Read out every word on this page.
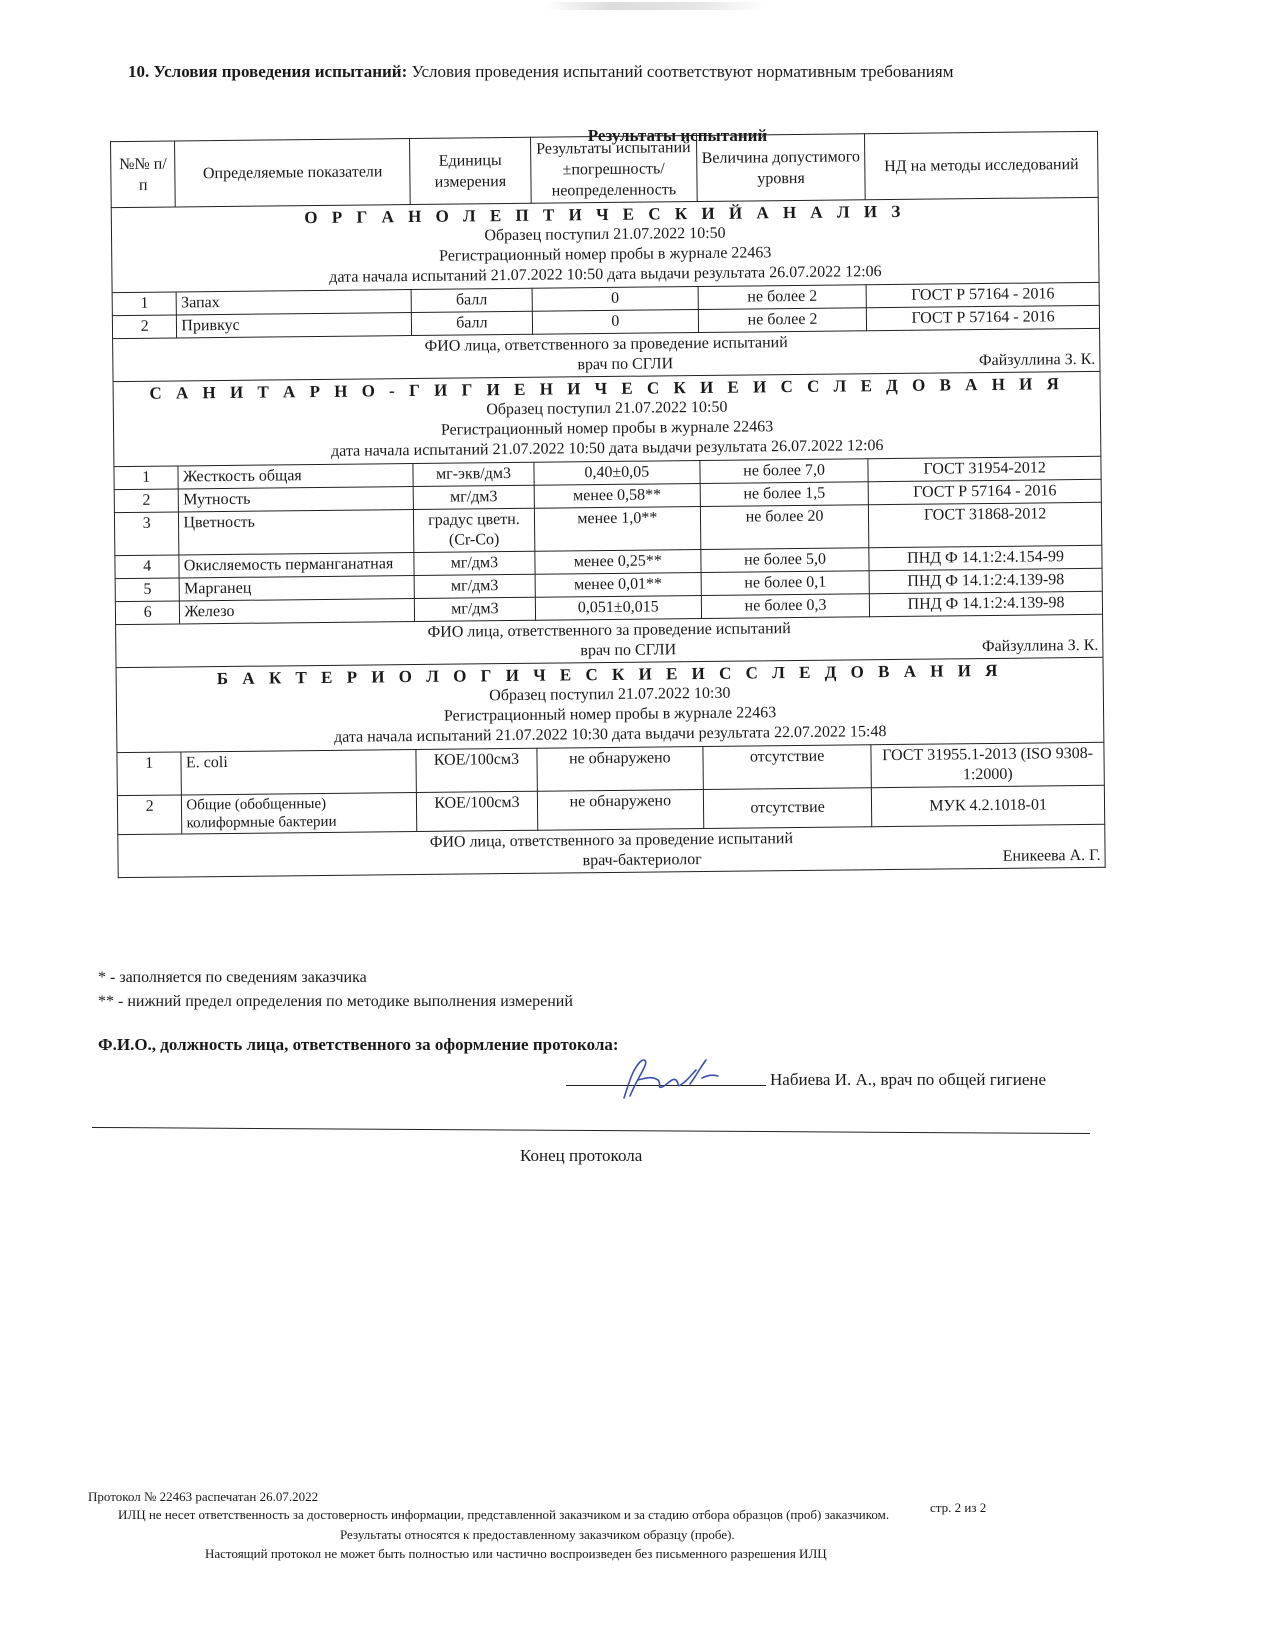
10. Условия проведения испытаний: Условия проведения испытаний соответствуют нормативным требованиям
Результаты испытаний
№№ п/п	Определяемые показатели	Единицы измерения	Результаты испытаний ±погрешность/ неопределенность	Величина допустимого уровня	НД на методы исследований

О Р Г А Н О Л Е П Т И Ч Е С К И Й А Н А Л И З
Образец поступил 21.07.2022 10:50
Регистрационный номер пробы в журнале 22463
дата начала испытаний 21.07.2022 10:50 дата выдачи результата 26.07.2022 12:06					

1	Запах	балл	0	не более 2	ГОСТ Р 57164 - 2016
2	Привкус	балл	0	не более 2	ГОСТ Р 57164 - 2016

ФИО лица, ответственного за проведение испытаний
врач по СГЛИ Файзуллина З. К.					

С А Н И Т А Р Н О - Г И Г И Е Н И Ч Е С К И Е И С С Л Е Д О В А Н И Я
Образец поступил 21.07.2022 10:50
Регистрационный номер пробы в журнале 22463
дата начала испытаний 21.07.2022 10:50 дата выдачи результата 26.07.2022 12:06					

1	Жесткость общая	мг-экв/дм3	0,40±0,05	не более 7,0	ГОСТ 31954-2012
2	Мутность	мг/дм3	менее 0,58**	не более 1,5	ГОСТ Р 57164 - 2016
3	Цветность	градус цветн.(Cr-Co)	менее 1,0**	не более 20	ГОСТ 31868-2012
4	Окисляемость перманганатная	мг/дм3	менее 0,25**	не более 5,0	ПНД Ф 14.1:2:4.154-99
5	Марганец	мг/дм3	менее 0,01**	не более 0,1	ПНД Ф 14.1:2:4.139-98
6	Железо	мг/дм3	0,051±0,015	не более 0,3	ПНД Ф 14.1:2:4.139-98

ФИО лица, ответственного за проведение испытаний
врач по СГЛИ Файзуллина З. К.					

Б А К Т Е Р И О Л О Г И Ч Е С К И Е И С С Л Е Д О В А Н И Я
Образец поступил 21.07.2022 10:30
Регистрационный номер пробы в журнале 22463
дата начала испытаний 21.07.2022 10:30 дата выдачи результата 22.07.2022 15:48					

1	E. coli	КОЕ/100см3	не обнаружено	отсутствие	ГОСТ 31955.1-2013 (ISO 9308-1:2000)
2	Общие (обобщенные) колиформные бактерии	КОЕ/100см3	не обнаружено	отсутствие	МУК 4.2.1018-01

ФИО лица, ответственного за проведение испытаний
врач-бактериолог Еникеева А. Г.					
* - заполняется по сведениям заказчика
** - нижний предел определения по методике выполнения измерений
Ф.И.О., должность лица, ответственного за оформление протокола:
Набиева И. А., врач по общей гигиене
Конец протокола
Протокол № 22463 распечатан 26.07.2022
ИЛЦ не несет ответственность за достоверность информации, представленной заказчиком и за стадию отбора образцов (проб) заказчиком.	стр. 2 из 2
Результаты относятся к предоставленному заказчиком образцу (пробе).
Настоящий протокол не может быть полностью или частично воспроизведен без письменного разрешения ИЛЦ
